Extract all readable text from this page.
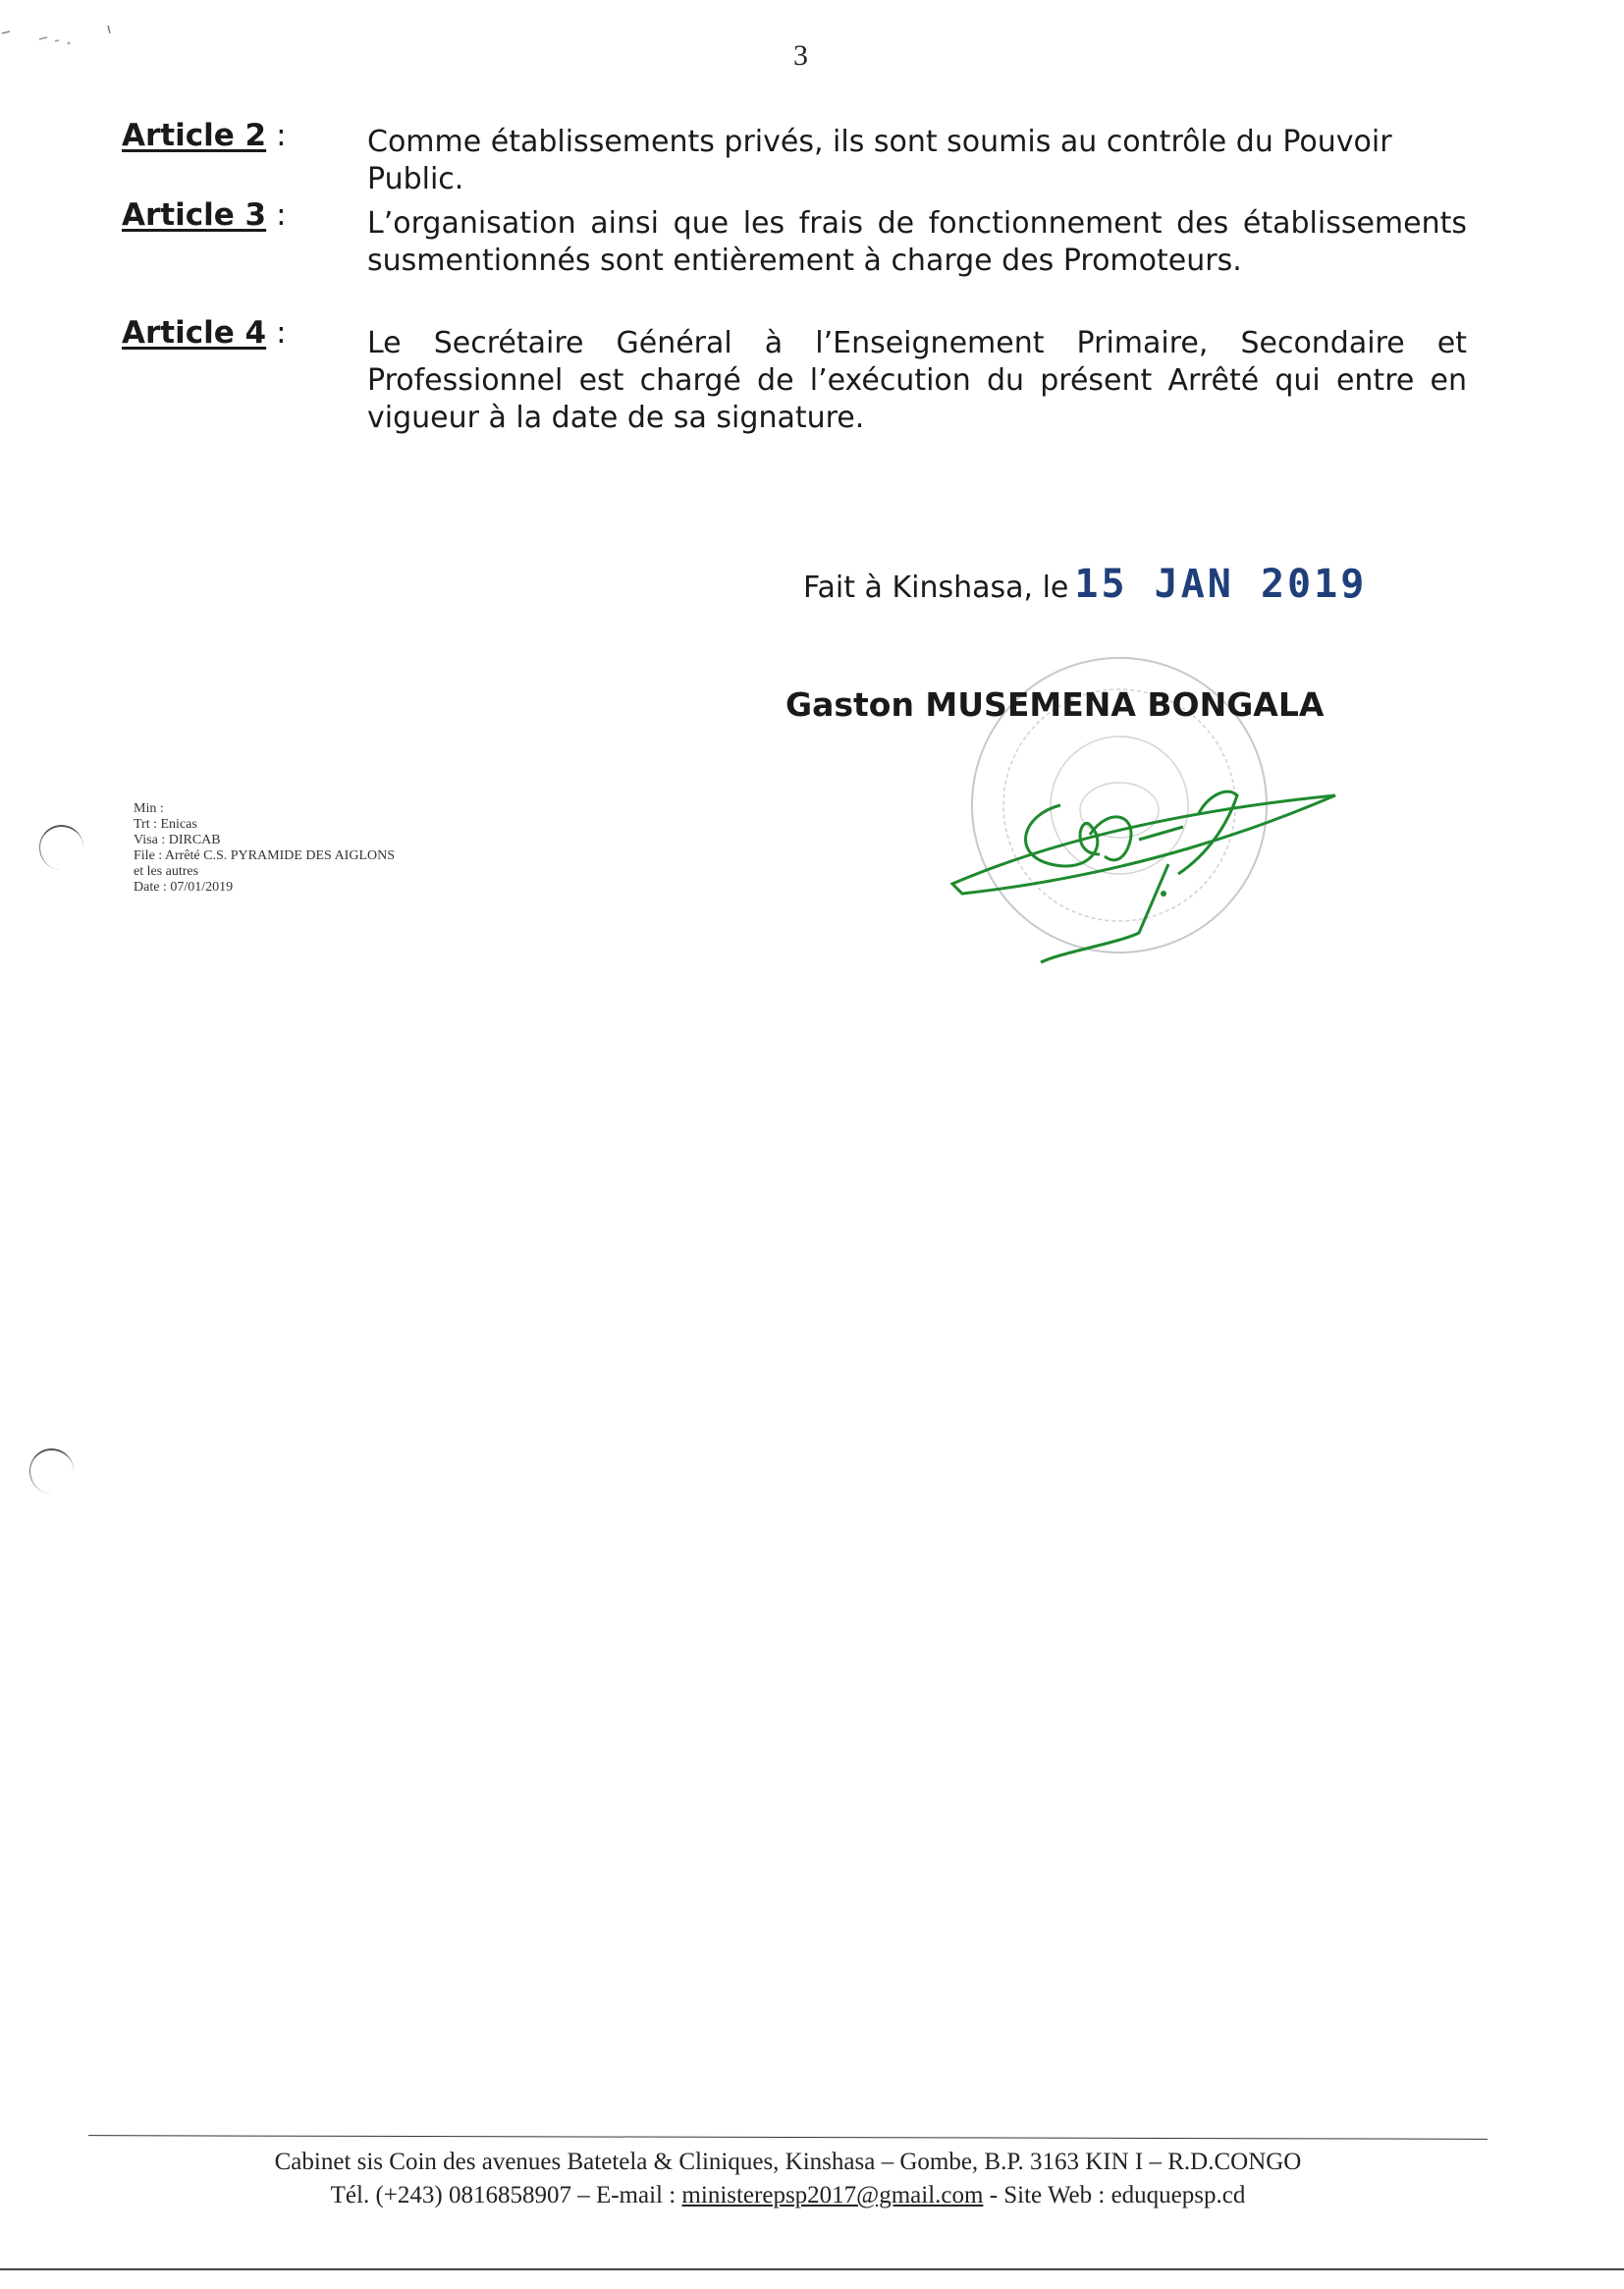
3
Article 2 :	Comme établissements privés, ils sont soumis au contrôle du Pouvoir Public.
Article 3 :	L’organisation ainsi que les frais de fonctionnement des établissements susmentionnés sont entièrement à charge des Promoteurs.
Article 4 :	Le Secrétaire Général à l’Enseignement Primaire, Secondaire et Professionnel est chargé de l’exécution du présent Arrêté qui entre en vigueur à la date de sa signature.
Fait à Kinshasa, le 15 JAN 2019
Gaston MUSEMENA BONGALA
Min :
Trt : Enicas
Visa : DIRCAB
File : Arrêté C.S. PYRAMIDE DES AIGLONS
et les autres
Date : 07/01/2019
Cabinet sis Coin des avenues Batetela & Cliniques, Kinshasa – Gombe, B.P. 3163 KIN I – R.D.CONGO
Tél. (+243) 0816858907 – E-mail : ministerepsp2017@gmail.com - Site Web : eduquepsp.cd
